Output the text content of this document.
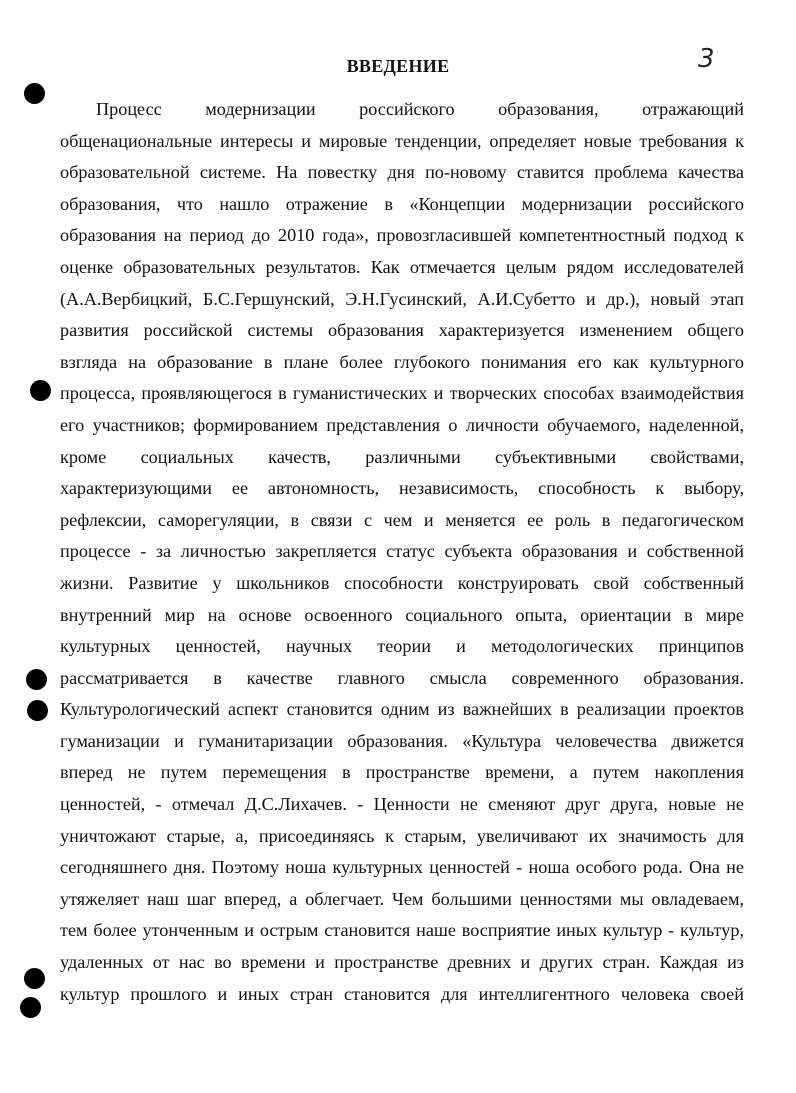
ВВЕДЕНИЕ	3
Процесс модернизации российского образования, отражающий
общенациональные интересы и мировые тенденции, определяет новые требования к
образовательной системе. На повестку дня по-новому ставится проблема качества
образования, что нашло отражение в «Концепции модернизации российского
образования на период до 2010 года», провозгласившей компетентностный подход к
оценке образовательных результатов. Как отмечается целым рядом исследователей
(А.А.Вербицкий, Б.С.Гершунский, Э.Н.Гусинский, А.И.Субетто и др.), новый этап
развития российской системы образования характеризуется изменением общего
взгляда на образование в плане более глубокого понимания его как культурного
процесса, проявляющегося в гуманистических и творческих способах взаимодействия
его участников; формированием представления о личности обучаемого, наделенной,
кроме социальных качеств, различными субъективными свойствами,
характеризующими ее автономность, независимость, способность к выбору,
рефлексии, саморегуляции, в связи с чем и меняется ее роль в педагогическом
процессе - за личностью закрепляется статус субъекта образования и собственной
жизни. Развитие у школьников способности конструировать свой собственный
внутренний мир на основе освоенного социального опыта, ориентации в мире
культурных ценностей, научных теории и методологических принципов
рассматривается в качестве главного смысла современного образования.
Культурологический аспект становится одним из важнейших в реализации проектов
гуманизации и гуманитаризации образования. «Культура человечества движется
вперед не путем перемещения в пространстве времени, а путем накопления
ценностей, - отмечал Д.С.Лихачев. - Ценности не сменяют друг друга, новые не
уничтожают старые, а, присоединяясь к старым, увеличивают их значимость для
сегодняшнего дня. Поэтому ноша культурных ценностей - ноша особого рода. Она не
утяжеляет наш шаг вперед, а облегчает. Чем большими ценностями мы овладеваем,
тем более утонченным и острым становится наше восприятие иных культур - культур,
удаленных от нас во времени и пространстве древних и других стран. Каждая из
культур прошлого и иных стран становится для интеллигентного человека своей
